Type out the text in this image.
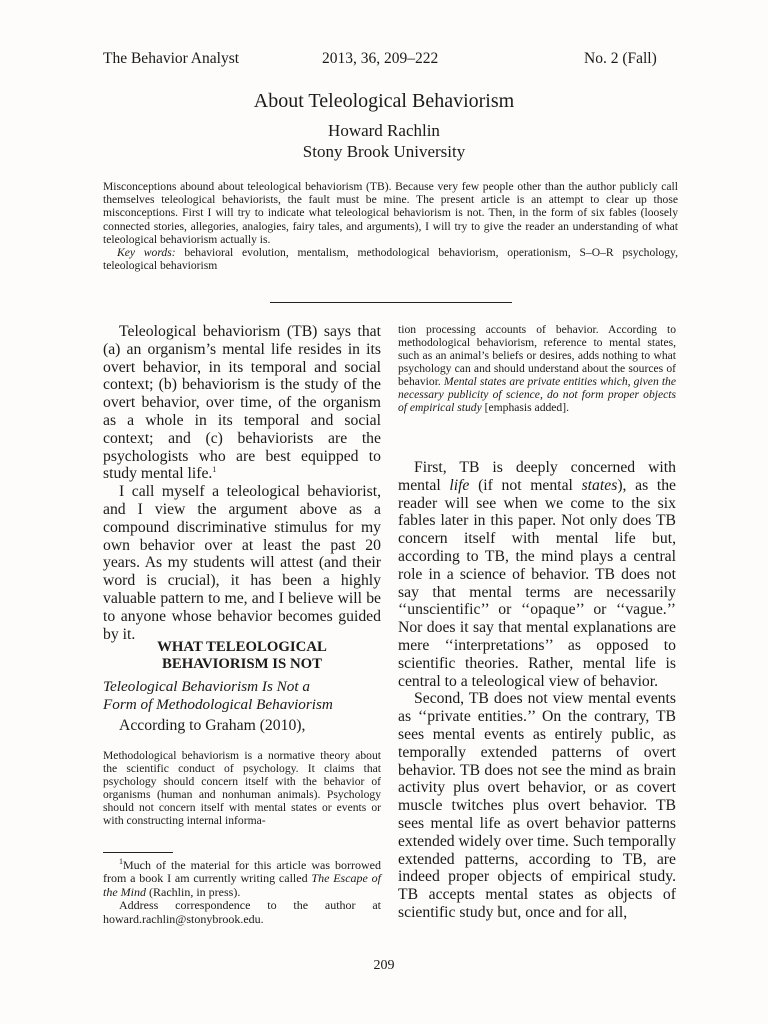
The Behavior Analyst	2013, 36, 209–222	No. 2 (Fall)
About Teleological Behaviorism
Howard Rachlin
Stony Brook University

Misconceptions abound about teleological behaviorism (TB). Because very few people other than the author publicly call themselves teleological behaviorists, the fault must be mine. The present article is an attempt to clear up those misconceptions. First I will try to indicate what teleological behaviorism is not. Then, in the form of six fables (loosely connected stories, allegories, analogies, fairy tales, and arguments), I will try to give the reader an understanding of what teleological behaviorism actually is.

Key words: behavioral evolution, mentalism, methodological behaviorism, operationism, S–O–R psychology, teleological behaviorism

Teleological behaviorism (TB) says that (a) an organism’s mental life resides in its overt behavior, in its temporal and social context; (b) behaviorism is the study of the overt behavior, over time, of the organism as a whole in its temporal and social context; and (c) behaviorists are the psychologists who are best equipped to study mental life.$^1$

I call myself a teleological behaviorist, and I view the argument above as a compound discriminative stimulus for my own behavior over at least the past 20 years. As my students will attest (and their word is crucial), it has been a highly valuable pattern to me, and I believe will be to anyone whose behavior becomes guided by it.

WHAT TELEOLOGICAL
BEHAVIORISM IS NOT
Teleological Behaviorism Is Not a
Form of Methodological Behaviorism

According to Graham (2010),

Methodological behaviorism is a normative theory about the scientific conduct of psychology. It claims that psychology should concern itself with the behavior of organisms (human and nonhuman animals). Psychology should not concern itself with mental states or events or with constructing internal informa-

$^1$Much of the material for this article was borrowed from a book I am currently writing called The Escape of the Mind (Rachlin, in press).

Address correspondence to the author at howard.rachlin@stonybrook.edu.

tion processing accounts of behavior. According to methodological behaviorism, reference to mental states, such as an animal’s beliefs or desires, adds nothing to what psychology can and should understand about the sources of behavior. Mental states are private entities which, given the necessary publicity of science, do not form proper objects of empirical study [emphasis added].

First, TB is deeply concerned with mental life (if not mental states), as the reader will see when we come to the six fables later in this paper. Not only does TB concern itself with mental life but, according to TB, the mind plays a central role in a science of behavior. TB does not say that mental terms are necessarily ‘‘unscientific’’ or ‘‘opaque’’ or ‘‘vague.’’ Nor does it say that mental explanations are mere ‘‘interpretations’’ as opposed to scientific theories. Rather, mental life is central to a teleological view of behavior.

Second, TB does not view mental events as ‘‘private entities.’’ On the contrary, TB sees mental events as entirely public, as temporally extended patterns of overt behavior. TB does not see the mind as brain activity plus overt behavior, or as covert muscle twitches plus overt behavior. TB sees mental life as overt behavior patterns extended widely over time. Such temporally extended patterns, according to TB, are indeed proper objects of empirical study. TB accepts mental states as objects of scientific study but, once and for all,

209
